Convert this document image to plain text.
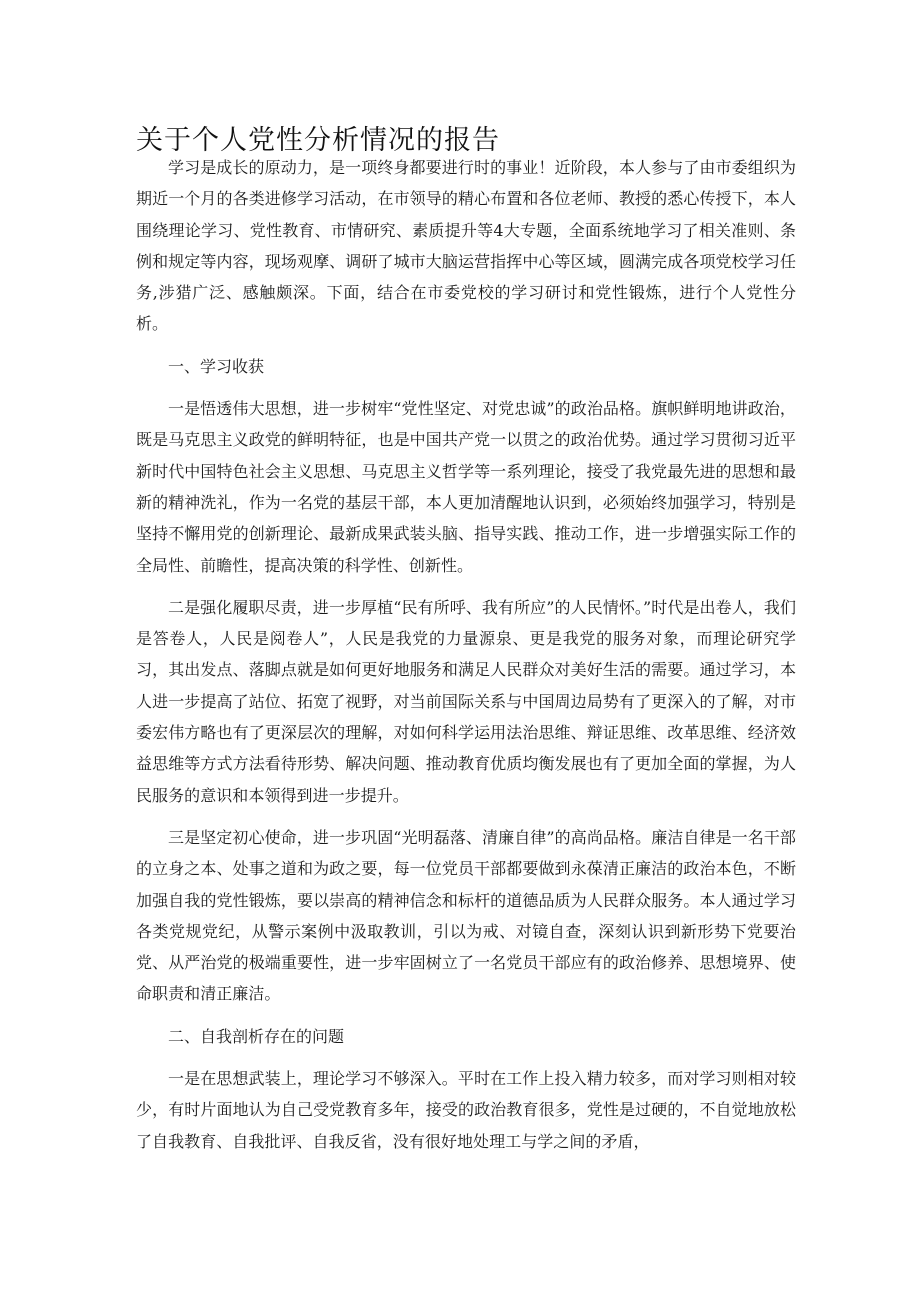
关于个人党性分析情况的报告

学习是成长的原动力，是一项终身都要进行时的事业！近阶段，本人参与了由市委组织为期近一个月的各类进修学习活动，在市领导的精心布置和各位老师、教授的悉心传授下，本人围绕理论学习、党性教育、市情研究、素质提升等4大专题，全面系统地学习了相关准则、条例和规定等内容，现场观摩、调研了城市大脑运营指挥中心等区域，圆满完成各项党校学习任务,涉猎广泛、感触颇深。下面，结合在市委党校的学习研讨和党性锻炼，进行个人党性分析。

一、学习收获

一是悟透伟大思想，进一步树牢“党性坚定、对党忠诚”的政治品格。旗帜鲜明地讲政治，既是马克思主义政党的鲜明特征，也是中国共产党一以贯之的政治优势。通过学习贯彻习近平新时代中国特色社会主义思想、马克思主义哲学等一系列理论，接受了我党最先进的思想和最新的精神洗礼，作为一名党的基层干部，本人更加清醒地认识到，必须始终加强学习，特别是坚持不懈用党的创新理论、最新成果武装头脑、指导实践、推动工作，进一步增强实际工作的全局性、前瞻性，提高决策的科学性、创新性。

二是强化履职尽责，进一步厚植“民有所呼、我有所应”的人民情怀。”时代是出卷人，我们是答卷人，人民是阅卷人”，人民是我党的力量源泉、更是我党的服务对象，而理论研究学习，其出发点、落脚点就是如何更好地服务和满足人民群众对美好生活的需要。通过学习，本人进一步提高了站位、拓宽了视野，对当前国际关系与中国周边局势有了更深入的了解，对市委宏伟方略也有了更深层次的理解，对如何科学运用法治思维、辩证思维、改革思维、经济效益思维等方式方法看待形势、解决问题、推动教育优质均衡发展也有了更加全面的掌握，为人民服务的意识和本领得到进一步提升。

三是坚定初心使命，进一步巩固“光明磊落、清廉自律”的高尚品格。廉洁自律是一名干部的立身之本、处事之道和为政之要，每一位党员干部都要做到永葆清正廉洁的政治本色，不断加强自我的党性锻炼，要以崇高的精神信念和标杆的道德品质为人民群众服务。本人通过学习各类党规党纪，从警示案例中汲取教训，引以为戒、对镜自查，深刻认识到新形势下党要治党、从严治党的极端重要性，进一步牢固树立了一名党员干部应有的政治修养、思想境界、使命职责和清正廉洁。

二、自我剖析存在的问题

一是在思想武装上，理论学习不够深入。平时在工作上投入精力较多，而对学习则相对较少，有时片面地认为自己受党教育多年，接受的政治教育很多，党性是过硬的，不自觉地放松了自我教育、自我批评、自我反省，没有很好地处理工与学之间的矛盾，
